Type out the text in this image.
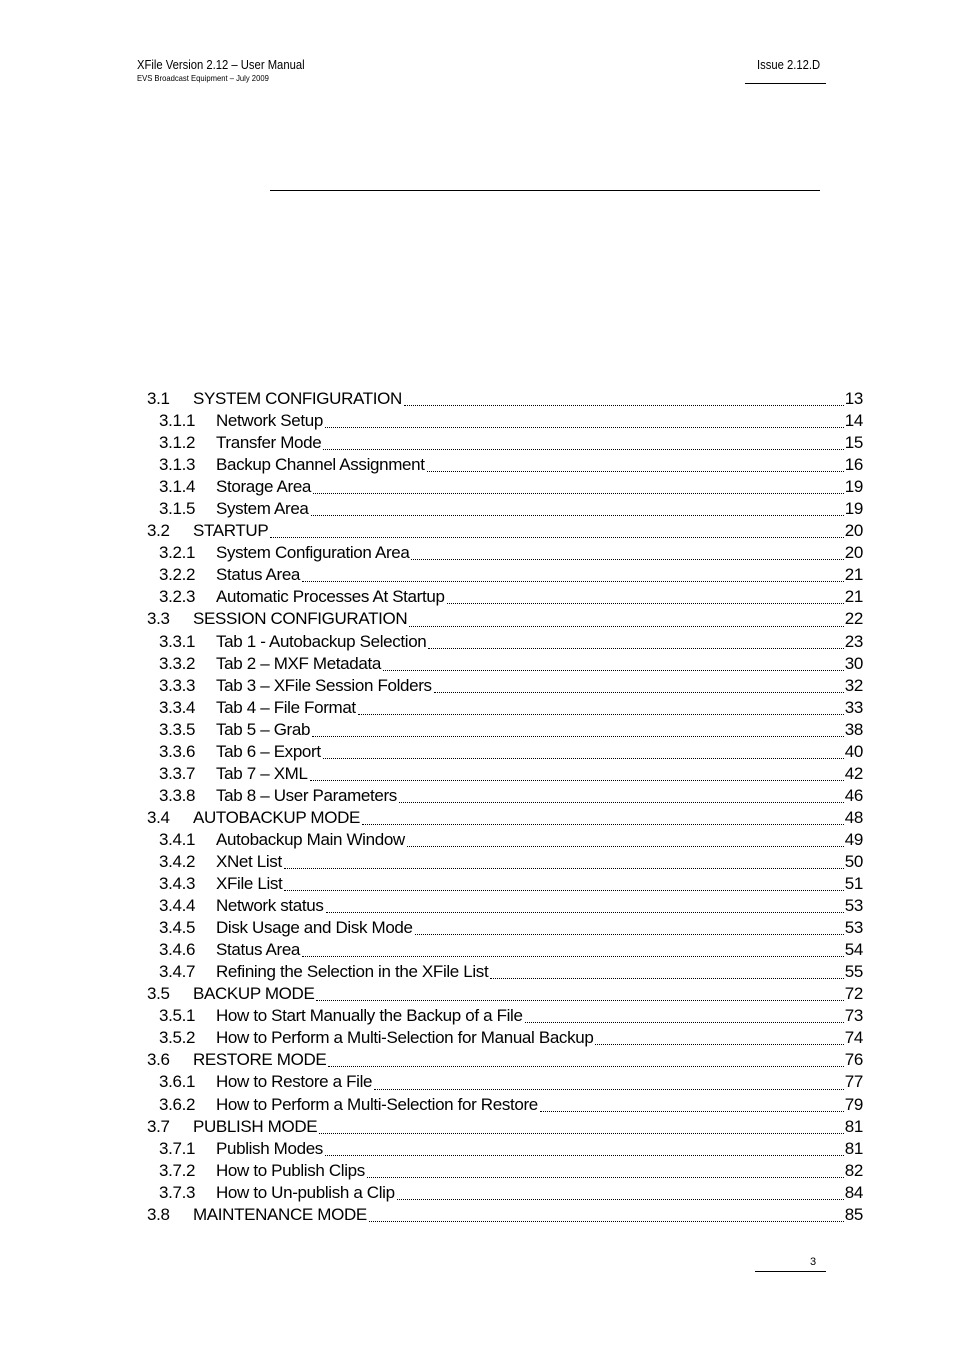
XFile Version 2.12 – User Manual
EVS Broadcast Equipment – July 2009
Issue 2.12.D
3.1	SYSTEM CONFIGURATION	13
3.1.1	Network Setup	14
3.1.2	Transfer Mode	15
3.1.3	Backup Channel Assignment	16
3.1.4	Storage Area	19
3.1.5	System Area	19
3.2	STARTUP	20
3.2.1	System Configuration Area	20
3.2.2	Status Area	21
3.2.3	Automatic Processes At Startup	21
3.3	SESSION CONFIGURATION	22
3.3.1	Tab 1 - Autobackup Selection	23
3.3.2	Tab 2 – MXF Metadata	30
3.3.3	Tab 3 – XFile Session Folders	32
3.3.4	Tab 4 – File Format	33
3.3.5	Tab 5 – Grab	38
3.3.6	Tab 6 – Export	40
3.3.7	Tab 7 – XML	42
3.3.8	Tab 8 – User Parameters	46
3.4	AUTOBACKUP MODE	48
3.4.1	Autobackup Main Window	49
3.4.2	XNet List	50
3.4.3	XFile List	51
3.4.4	Network status	53
3.4.5	Disk Usage and Disk Mode	53
3.4.6	Status Area	54
3.4.7	Refining the Selection in the XFile List	55
3.5	BACKUP MODE	72
3.5.1	How to Start Manually the Backup of a File	73
3.5.2	How to Perform a Multi-Selection for Manual Backup	74
3.6	RESTORE MODE	76
3.6.1	How to Restore a File	77
3.6.2	How to Perform a Multi-Selection for Restore	79
3.7	PUBLISH MODE	81
3.7.1	Publish Modes	81
3.7.2	How to Publish Clips	82
3.7.3	How to Un-publish a Clip	84
3.8	MAINTENANCE MODE	85
3
